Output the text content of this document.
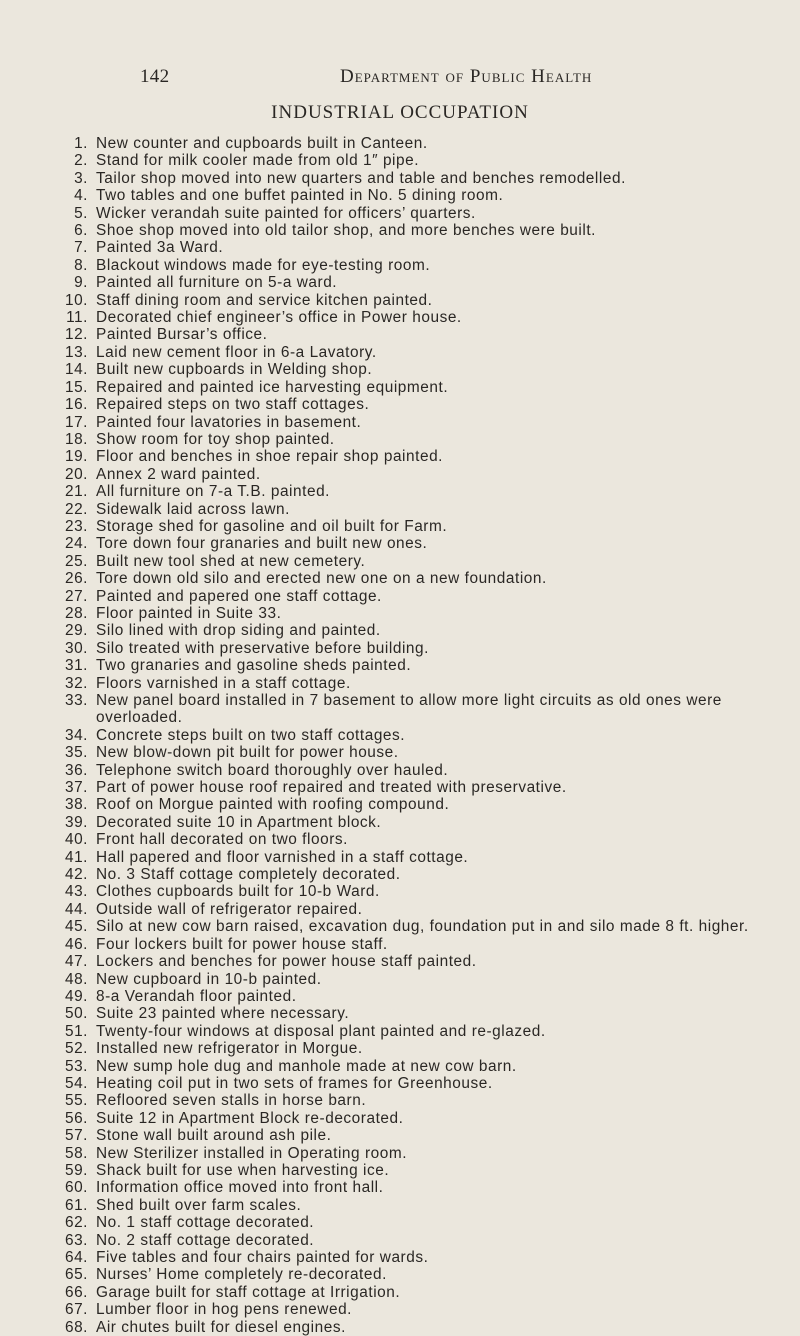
142	Department of Public Health
INDUSTRIAL OCCUPATION
1. New counter and cupboards built in Canteen.
2. Stand for milk cooler made from old 1″ pipe.
3. Tailor shop moved into new quarters and table and benches remodelled.
4. Two tables and one buffet painted in No. 5 dining room.
5. Wicker verandah suite painted for officers’ quarters.
6. Shoe shop moved into old tailor shop, and more benches were built.
7. Painted 3a Ward.
8. Blackout windows made for eye-testing room.
9. Painted all furniture on 5-a ward.
10. Staff dining room and service kitchen painted.
11. Decorated chief engineer’s office in Power house.
12. Painted Bursar’s office.
13. Laid new cement floor in 6-a Lavatory.
14. Built new cupboards in Welding shop.
15. Repaired and painted ice harvesting equipment.
16. Repaired steps on two staff cottages.
17. Painted four lavatories in basement.
18. Show room for toy shop painted.
19. Floor and benches in shoe repair shop painted.
20. Annex 2 ward painted.
21. All furniture on 7-a T.B. painted.
22. Sidewalk laid across lawn.
23. Storage shed for gasoline and oil built for Farm.
24. Tore down four granaries and built new ones.
25. Built new tool shed at new cemetery.
26. Tore down old silo and erected new one on a new foundation.
27. Painted and papered one staff cottage.
28. Floor painted in Suite 33.
29. Silo lined with drop siding and painted.
30. Silo treated with preservative before building.
31. Two granaries and gasoline sheds painted.
32. Floors varnished in a staff cottage.
33. New panel board installed in 7 basement to allow more light circuits as old ones were overloaded.
34. Concrete steps built on two staff cottages.
35. New blow-down pit built for power house.
36. Telephone switch board thoroughly over hauled.
37. Part of power house roof repaired and treated with preservative.
38. Roof on Morgue painted with roofing compound.
39. Decorated suite 10 in Apartment block.
40. Front hall decorated on two floors.
41. Hall papered and floor varnished in a staff cottage.
42. No. 3 Staff cottage completely decorated.
43. Clothes cupboards built for 10-b Ward.
44. Outside wall of refrigerator repaired.
45. Silo at new cow barn raised, excavation dug, foundation put in and silo made 8 ft. higher.
46. Four lockers built for power house staff.
47. Lockers and benches for power house staff painted.
48. New cupboard in 10-b painted.
49. 8-a Verandah floor painted.
50. Suite 23 painted where necessary.
51. Twenty-four windows at disposal plant painted and re-glazed.
52. Installed new refrigerator in Morgue.
53. New sump hole dug and manhole made at new cow barn.
54. Heating coil put in two sets of frames for Greenhouse.
55. Refloored seven stalls in horse barn.
56. Suite 12 in Apartment Block re-decorated.
57. Stone wall built around ash pile.
58. New Sterilizer installed in Operating room.
59. Shack built for use when harvesting ice.
60. Information office moved into front hall.
61. Shed built over farm scales.
62. No. 1 staff cottage decorated.
63. No. 2 staff cottage decorated.
64. Five tables and four chairs painted for wards.
65. Nurses’ Home completely re-decorated.
66. Garage built for staff cottage at Irrigation.
67. Lumber floor in hog pens renewed.
68. Air chutes built for diesel engines.
